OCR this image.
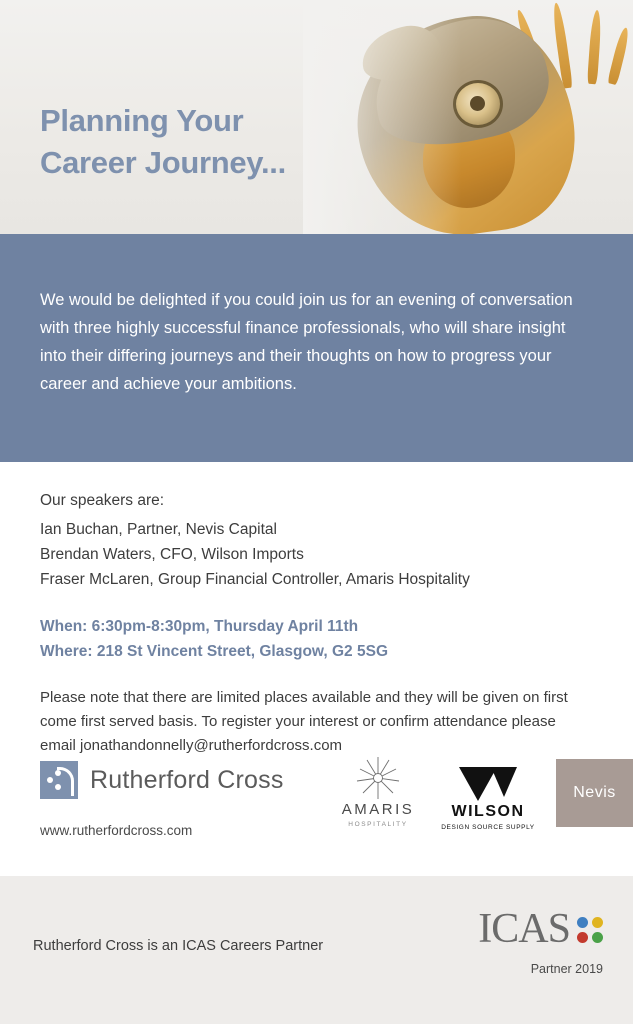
Planning Your
Career Journey...

We would be delighted if you could join us for an evening of conversation with three highly successful finance professionals, who will share insight into their differing journeys and their thoughts on how to progress your career and achieve your ambitions.

Our speakers are:
Ian Buchan, Partner, Nevis Capital
Brendan Waters, CFO, Wilson Imports
Fraser McLaren, Group Financial Controller, Amaris Hospitality
When: 6:30pm-8:30pm, Thursday April 11th
Where: 218 St Vincent Street, Glasgow, G2 5SG
Please note that there are limited places available and they will be given on first come first served basis. To register your interest or confirm attendance please email jonathandonnelly@rutherfordcross.com
Rutherford Cross
www.rutherfordcross.com
AMARIS
HOSPITALITY
WILSON
DESIGN SOURCE SUPPLY
Nevis
Rutherford Cross is an ICAS Careers Partner	ICAS
Partner 2019
